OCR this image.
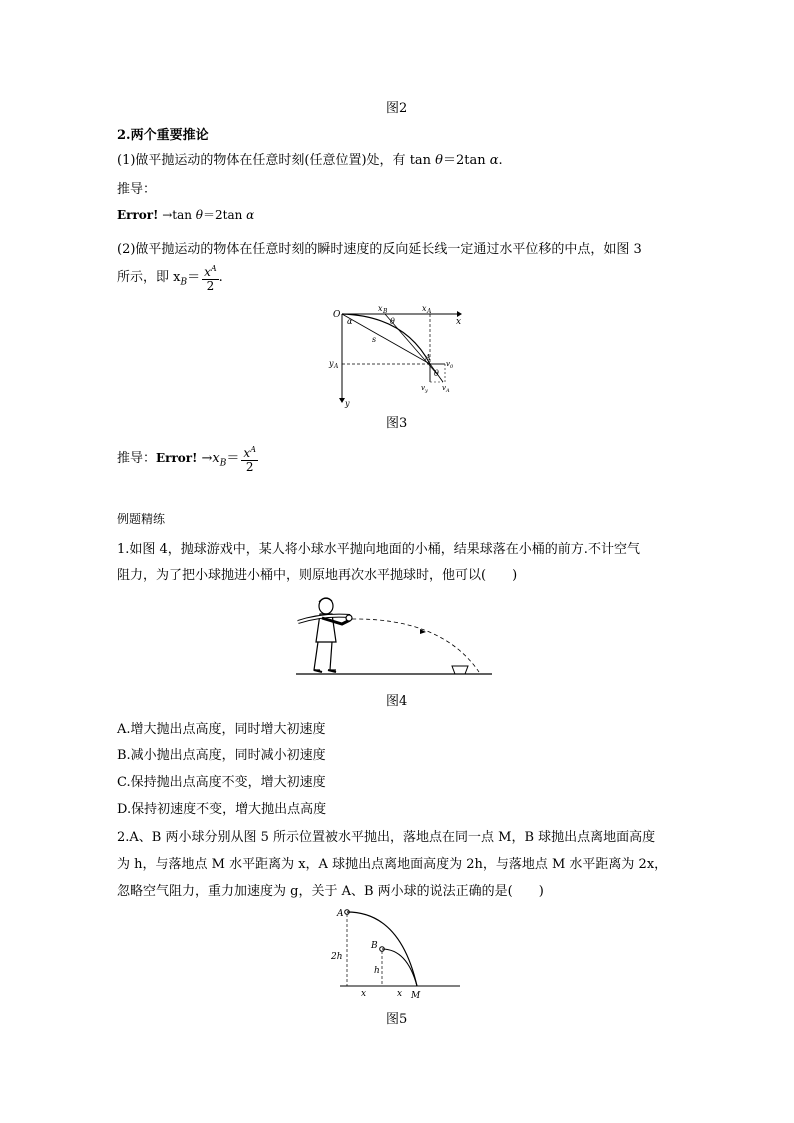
图2
2.两个重要推论
(1)做平抛运动的物体在任意时刻(任意位置)处，有 tan θ＝2tan α.
推导：
Error! →tan θ＝2tan α
(2)做平抛运动的物体在任意时刻的瞬时速度的反向延长线一定通过水平位移的中点，如图 3
所示，即 $x_B= \frac{x^A}{2}$ .
O
x B	x A
x
α	θ
s
y A
A
v 0
θ
v y v A
y
图3
推导：Error! $\to x_B= \frac{x^A}{2}$
例题精练
1.如图 4，抛球游戏中，某人将小球水平抛向地面的小桶，结果球落在小桶的前方.不计空气
阻力，为了把小球抛进小桶中，则原地再次水平抛球时，他可以(　　)
图4
A.增大抛出点高度，同时增大初速度
B.减小抛出点高度，同时减小初速度
C.保持抛出点高度不变，增大初速度
D.保持初速度不变，增大抛出点高度
2.A、B 两小球分别从图 5 所示位置被水平抛出，落地点在同一点 M，B 球抛出点离地面高度
为 h，与落地点 M 水平距离为 x，A 球抛出点离地面高度为 2h，与落地点 M 水平距离为 2x，
忽略空气阻力，重力加速度为 g，关于 A、B 两小球的说法正确的是(　　)
A
B
2h
h
x	x M
图5
